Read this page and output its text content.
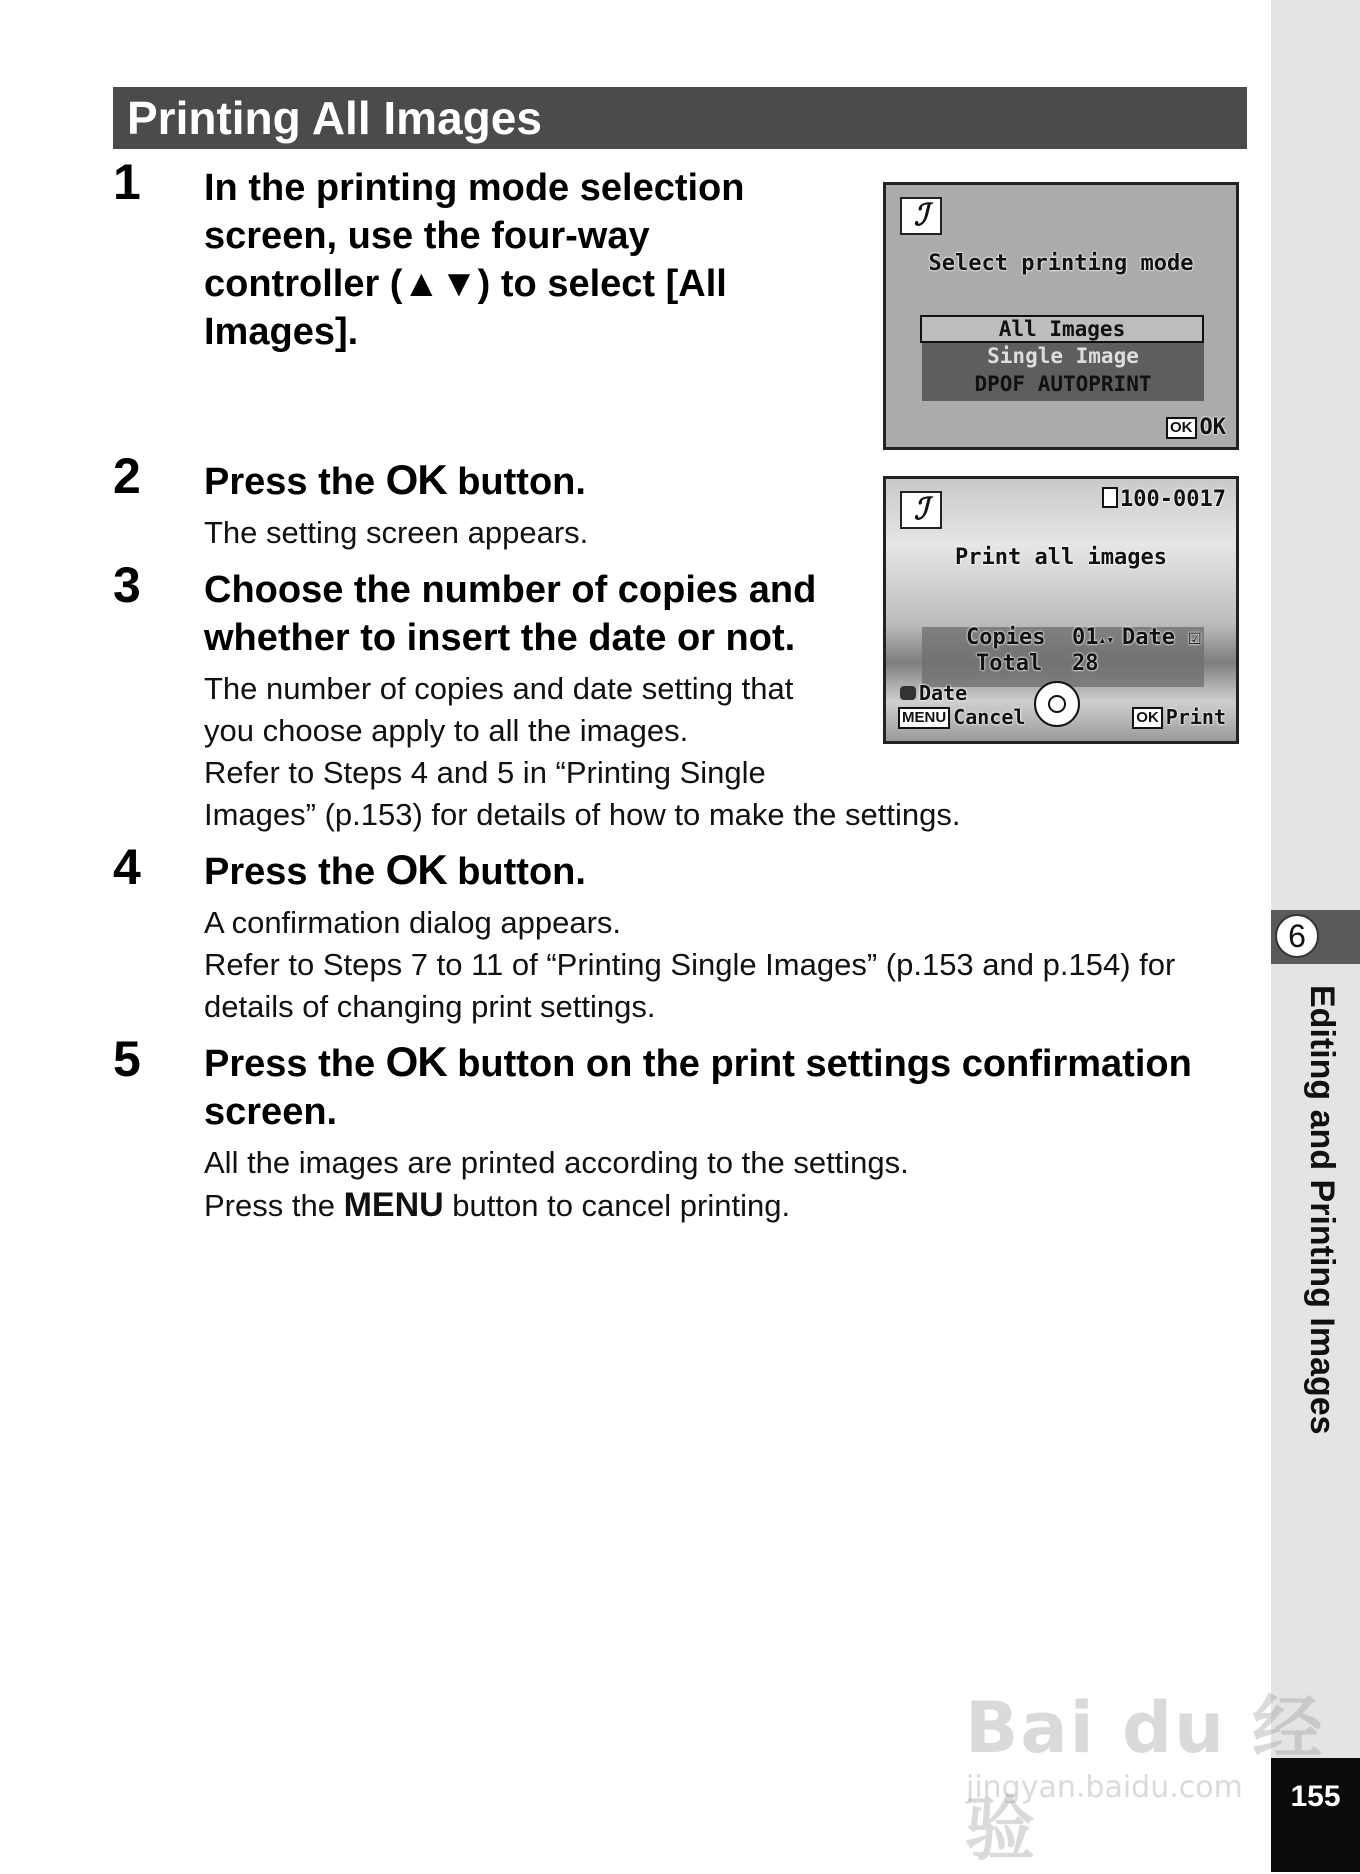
6
Editing and Printing Images
155
Printing All Images
1 In the printing mode selection
screen, use the four-way
controller (▲▼) to select [All
Images].
ℐ
Select printing mode
All Images
Single Image
DPOF AUTOPRINT
OK OK
2 Press the OK button.
The setting screen appears.
ℐ	100-0017
Print all images
Copies 01▴▾ Date ☑
Total 28
Date
MENU Cancel	OK Print
3 Choose the number of copies and
whether to insert the date or not.
The number of copies and date setting that
you choose apply to all the images.
Refer to Steps 4 and 5 in “Printing Single
Images” (p.153) for details of how to make the settings.
4 Press the OK button.
A confirmation dialog appears.
Refer to Steps 7 to 11 of “Printing Single Images” (p.153 and p.154) for
details of changing print settings.
5 Press the OK button on the print settings confirmation
screen.
All the images are printed according to the settings.
Press the MENU button to cancel printing.
Bai du 经验
jingyan.baidu.com
